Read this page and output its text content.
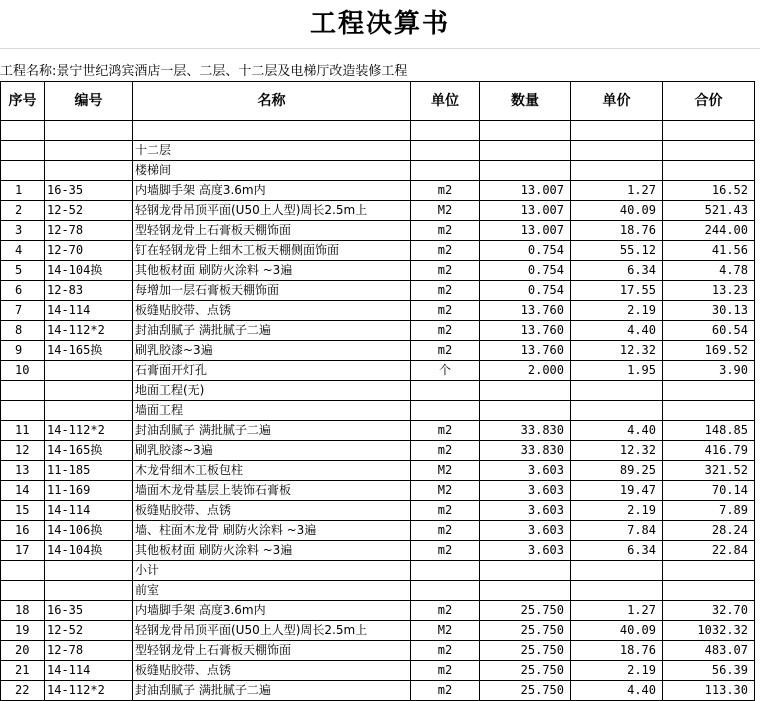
工程决算书
工程名称:景宁世纪鸿宾酒店一层、二层、十二层及电梯厅改造装修工程
序号	编号	名称	单位	数量	单价	合价

		十二层				
		楼梯间				
1	16-35	内墙脚手架 高度3.6m内	m2	13.007	1.27	16.52
2	12-52	轻钢龙骨吊顶平面(U50上人型)周长2.5m上	M2	13.007	40.09	521.43
3	12-78	型轻钢龙骨上石膏板天棚饰面	m2	13.007	18.76	244.00
4	12-70	钉在轻钢龙骨上细木工板天棚侧面饰面	m2	0.754	55.12	41.56
5	14-104换	其他板材面 刷防火涂料 ~3遍	m2	0.754	6.34	4.78
6	12-83	每增加一层石膏板天棚饰面	m2	0.754	17.55	13.23
7	14-114	板缝贴胶带、点锈	m2	13.760	2.19	30.13
8	14-112*2	封油刮腻子 满批腻子二遍	m2	13.760	4.40	60.54
9	14-165换	刷乳胶漆~3遍	m2	13.760	12.32	169.52
10		石膏面开灯孔	个	2.000	1.95	3.90
		地面工程(无)				
		墙面工程				
11	14-112*2	封油刮腻子 满批腻子二遍	m2	33.830	4.40	148.85
12	14-165换	刷乳胶漆~3遍	m2	33.830	12.32	416.79
13	11-185	木龙骨细木工板包柱	M2	3.603	89.25	321.52
14	11-169	墙面木龙骨基层上装饰石膏板	M2	3.603	19.47	70.14
15	14-114	板缝贴胶带、点锈	m2	3.603	2.19	7.89
16	14-106换	墙、柱面木龙骨 刷防火涂料 ~3遍	m2	3.603	7.84	28.24
17	14-104换	其他板材面 刷防火涂料 ~3遍	m2	3.603	6.34	22.84
		小计				
		前室				
18	16-35	内墙脚手架 高度3.6m内	m2	25.750	1.27	32.70
19	12-52	轻钢龙骨吊顶平面(U50上人型)周长2.5m上	M2	25.750	40.09	1032.32
20	12-78	型轻钢龙骨上石膏板天棚饰面	m2	25.750	18.76	483.07
21	14-114	板缝贴胶带、点锈	m2	25.750	2.19	56.39
22	14-112*2	封油刮腻子 满批腻子二遍	m2	25.750	4.40	113.30
